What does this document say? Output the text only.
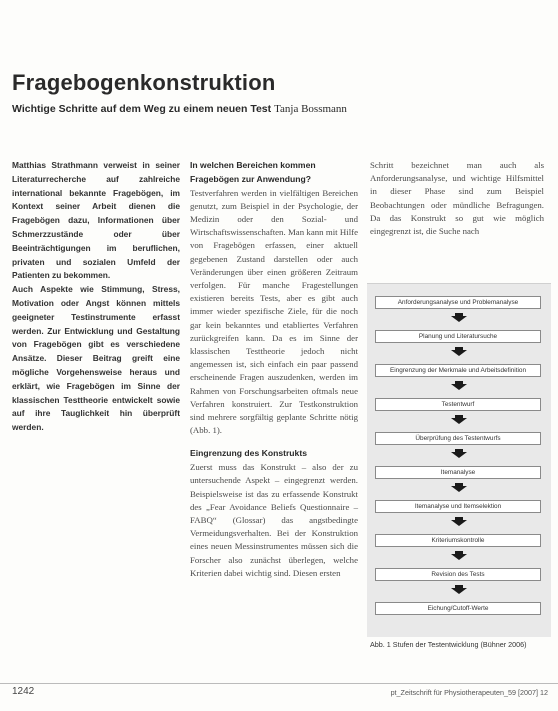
Fragebogenkonstruktion
Wichtige Schritte auf dem Weg zu einem neuen Test Tanja Bossmann

Matthias Strathmann verweist in seiner Literaturrecherche auf zahlreiche international bekannte Fragebögen, im Kontext seiner Arbeit dienen die Fragebögen dazu, Informationen über Schmerzzustände oder über Beeinträchtigungen im beruflichen, privaten und sozialen Umfeld der Patienten zu bekommen.

Auch Aspekte wie Stimmung, Stress, Motivation oder Angst können mittels geeigneter Testinstrumente erfasst werden. Zur Entwicklung und Gestaltung von Fragebögen gibt es verschiedene Ansätze. Dieser Beitrag greift eine mögliche Vorgehensweise heraus und erklärt, wie Fragebögen im Sinne der klassischen Testtheorie entwickelt sowie auf ihre Tauglichkeit hin überprüft werden.

In welchen Bereichen kommen Fragebögen zur Anwendung?

Testverfahren werden in vielfältigen Bereichen genutzt, zum Beispiel in der Psychologie, der Medizin oder den Sozial- und Wirtschaftswissenschaften. Man kann mit Hilfe von Fragebögen erfassen, einer aktuell gegebenen Zustand darstellen oder auch Veränderungen über einen größeren Zeitraum verfolgen. Für manche Fragestellungen existieren bereits Tests, aber es gibt auch immer wieder spezifische Ziele, für die noch gar kein bekanntes und etabliertes Verfahren zurückgreifen kann. Da es im Sinne der klassischen Testtheorie jedoch nicht angemessen ist, sich einfach ein paar passend erscheinende Fragen auszudenken, werden im Rahmen von Forschungsarbeiten oftmals neue Verfahren konstruiert. Zur Testkonstruktion sind mehrere sorgfältig geplante Schritte nötig (Abb. 1).

Eingrenzung des Konstrukts

Zuerst muss das Konstrukt – also der zu untersuchende Aspekt – eingegrenzt werden. Beispielsweise ist das zu erfassende Konstrukt des „Fear Avoidance Beliefs Questionnaire – FABQ“ (Glossar) das angstbedingte Vermeidungsverhalten. Bei der Konstruktion eines neuen Messinstrumentes müssen sich die Forscher also zunächst überlegen, welche Kriterien dabei wichtig sind. Diesen ersten

Schritt bezeichnet man auch als Anforderungsanalyse, und wichtige Hilfsmittel in dieser Phase sind zum Beispiel Beobachtungen oder mündliche Befragungen. Da das Konstrukt so gut wie möglich eingegrenzt ist, die Suche nach

Anforderungsanalyse und Problemanalyse
Planung und Literatursuche
Eingrenzung der Merkmale und Arbeitsdefinition
Testentwurf
Überprüfung des Testentwurfs
Itemanalyse
Itemanalyse und Itemselektion
Kriteriumskontrolle
Revision des Tests
Eichung/Cutoff-Werte
Abb. 1 Stufen der Testentwicklung (Bühner 2006)
1242	pt_Zeitschrift für Physiotherapeuten_59 [2007] 12
